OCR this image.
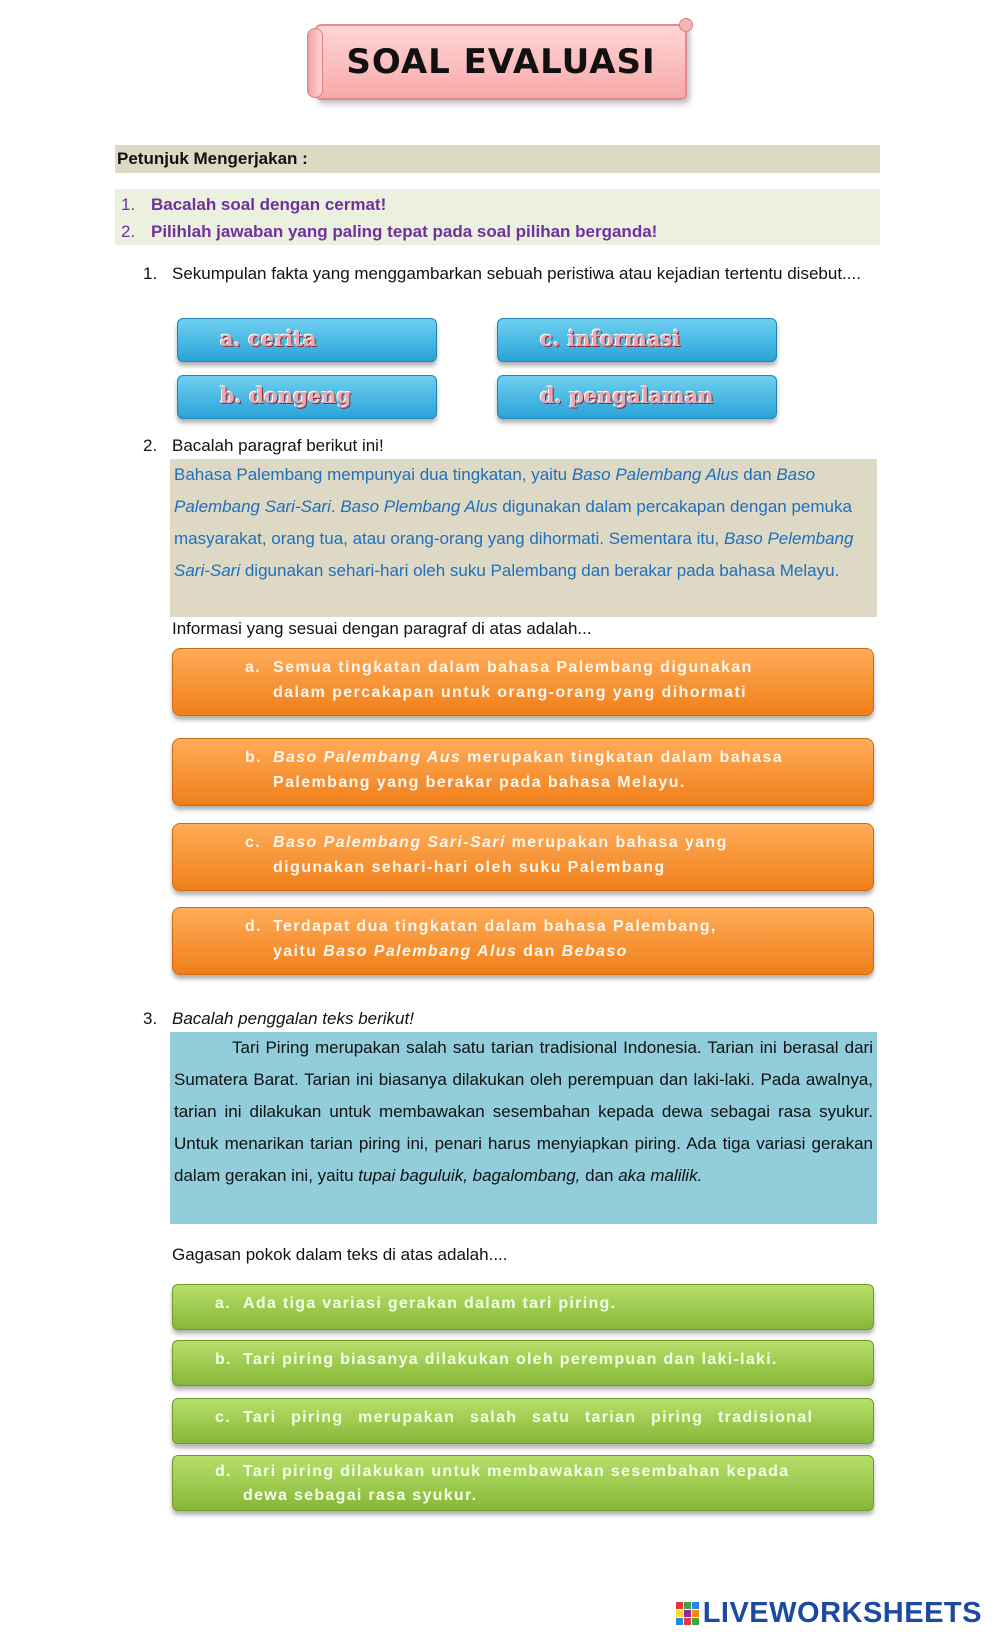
SOAL EVALUASI
Petunjuk Mengerjakan :
1. Bacalah soal dengan cermat!
2. Pilihlah jawaban yang paling tepat pada soal pilihan berganda!
1. Sekumpulan fakta yang menggambarkan sebuah peristiwa atau kejadian tertentu disebut....
a. cerita	c. informasi
b. dongeng	d. pengalaman
2. Bacalah paragraf berikut ini!
Bahasa Palembang mempunyai dua tingkatan, yaitu Baso Palembang Alus dan Baso Palembang Sari-Sari. Baso Plembang Alus digunakan dalam percakapan dengan pemuka masyarakat, orang tua, atau orang-orang yang dihormati. Sementara itu, Baso Pelembang Sari-Sari digunakan sehari-hari oleh suku Palembang dan berakar pada bahasa Melayu.
Informasi yang sesuai dengan paragraf di atas adalah...
a. Semua tingkatan dalam bahasa Palembang digunakan
dalam percakapan untuk orang-orang yang dihormati
b. Baso Palembang Aus merupakan tingkatan dalam bahasa
Palembang yang berakar pada bahasa Melayu.
c. Baso Palembang Sari-Sari merupakan bahasa yang
digunakan sehari-hari oleh suku Palembang
d. Terdapat dua tingkatan dalam bahasa Palembang,
yaitu Baso Palembang Alus dan Bebaso
3. Bacalah penggalan teks berikut!
Tari Piring merupakan salah satu tarian tradisional Indonesia. Tarian ini berasal dari Sumatera Barat. Tarian ini biasanya dilakukan oleh perempuan dan laki-laki. Pada awalnya, tarian ini dilakukan untuk membawakan sesembahan kepada dewa sebagai rasa syukur. Untuk menarikan tarian piring ini, penari harus menyiapkan piring. Ada tiga variasi gerakan dalam gerakan ini, yaitu tupai baguluik, bagalombang, dan aka malilik.
Gagasan pokok dalam teks di atas adalah....
a. Ada tiga variasi gerakan dalam tari piring.
b. Tari piring biasanya dilakukan oleh perempuan dan laki-laki.
c. Tari piring merupakan salah satu tarian piring tradisional
d. Tari piring dilakukan untuk membawakan sesembahan kepada
dewa sebagai rasa syukur.
LIVEWORKSHEETS
